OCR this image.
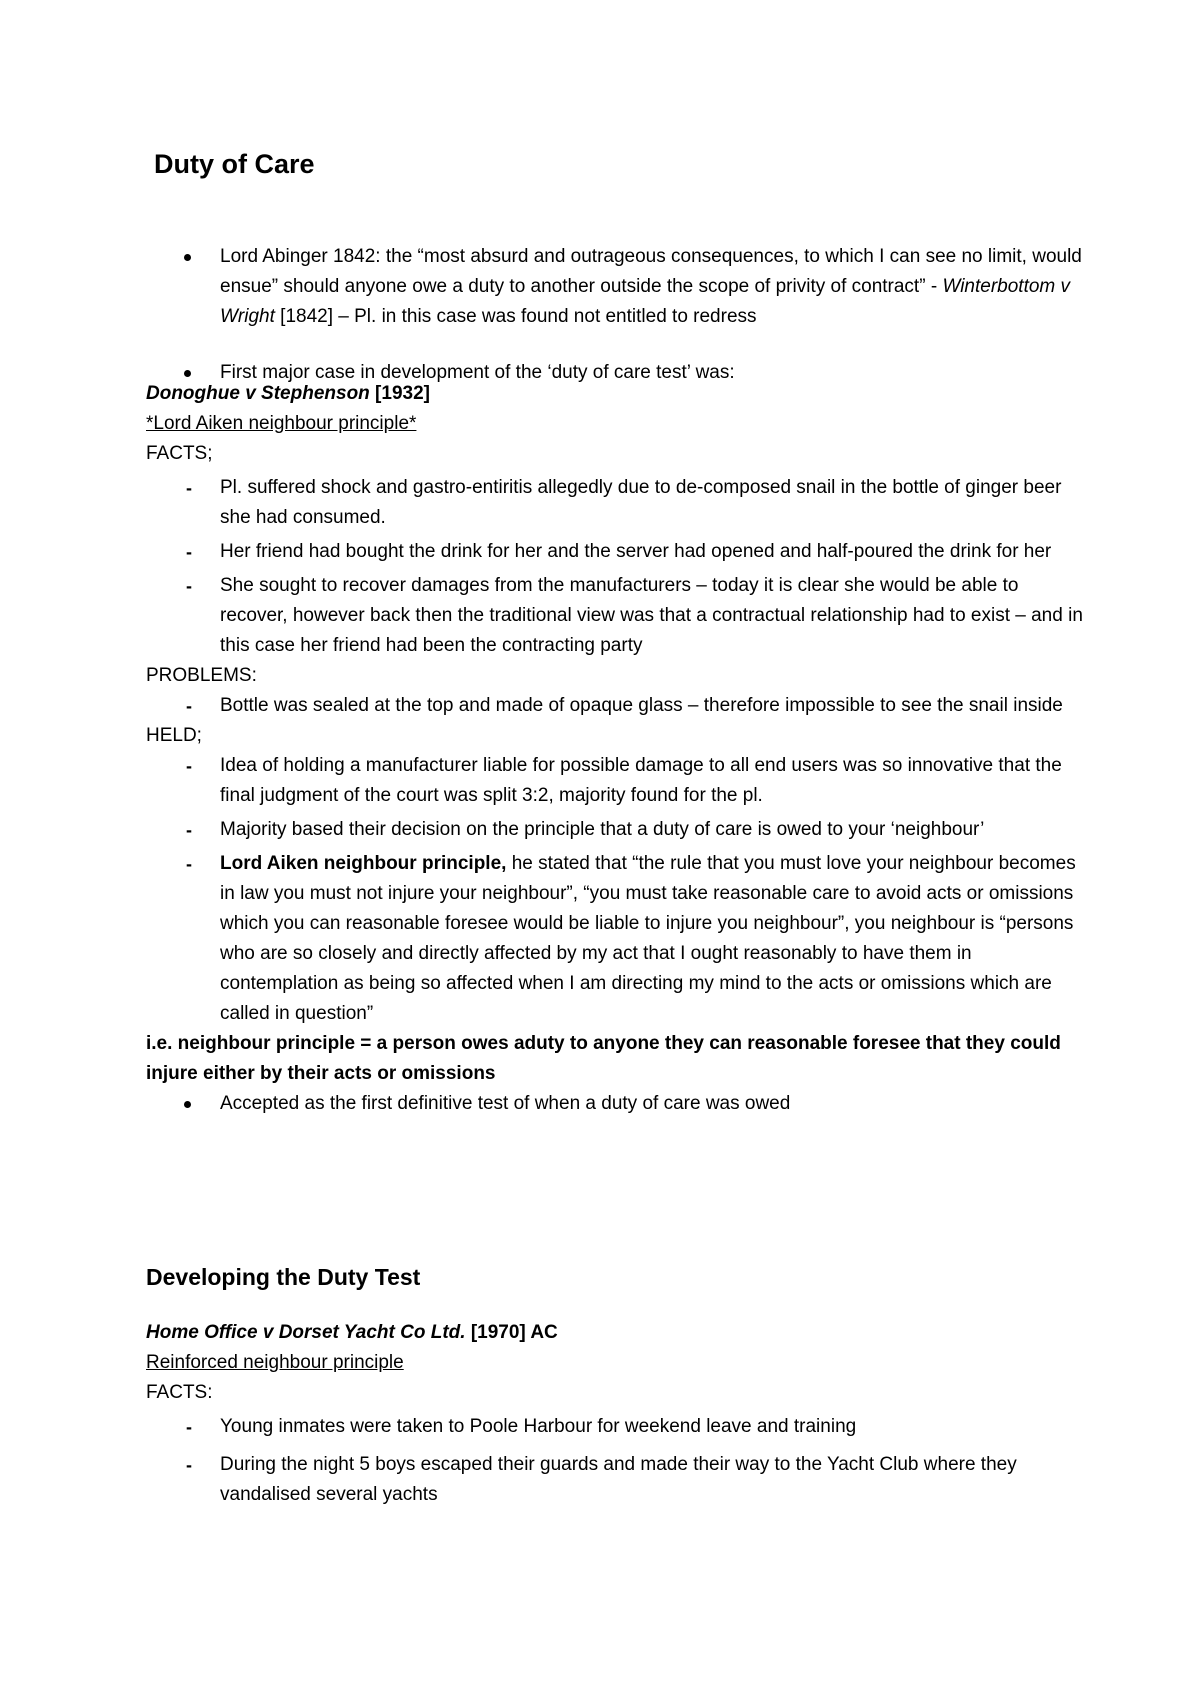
Duty of Care
Lord Abinger 1842: the “most absurd and outrageous consequences, to which I can see no limit, would ensue” should anyone owe a duty to another outside the scope of privity of contract” - Winterbottom v Wright [1842] – Pl. in this case was found not entitled to redress
First major case in development of the ‘duty of care test’ was:
Donoghue v Stephenson [1932]
*Lord Aiken neighbour principle*
FACTS;
- Pl. suffered shock and gastro-entiritis allegedly due to de-composed snail in the bottle of ginger beer she had consumed.
- Her friend had bought the drink for her and the server had opened and half-poured the drink for her
- She sought to recover damages from the manufacturers – today it is clear she would be able to recover, however back then the traditional view was that a contractual relationship had to exist – and in this case her friend had been the contracting party
PROBLEMS:
- Bottle was sealed at the top and made of opaque glass – therefore impossible to see the snail inside
HELD;
- Idea of holding a manufacturer liable for possible damage to all end users was so innovative that the final judgment of the court was split 3:2, majority found for the pl.
- Majority based their decision on the principle that a duty of care is owed to your ‘neighbour’
- Lord Aiken neighbour principle, he stated that “the rule that you must love your neighbour becomes in law you must not injure your neighbour”, “you must take reasonable care to avoid acts or omissions which you can reasonable foresee would be liable to injure you neighbour”, you neighbour is “persons who are so closely and directly affected by my act that I ought reasonably to have them in contemplation as being so affected when I am directing my mind to the acts or omissions which are called in question”
i.e. neighbour principle = a person owes aduty to anyone they can reasonable foresee that they could injure either by their acts or omissions
Accepted as the first definitive test of when a duty of care was owed
Developing the Duty Test
Home Office v Dorset Yacht Co Ltd. [1970] AC
Reinforced neighbour principle
FACTS:
- Young inmates were taken to Poole Harbour for weekend leave and training
- During the night 5 boys escaped their guards and made their way to the Yacht Club where they vandalised several yachts
